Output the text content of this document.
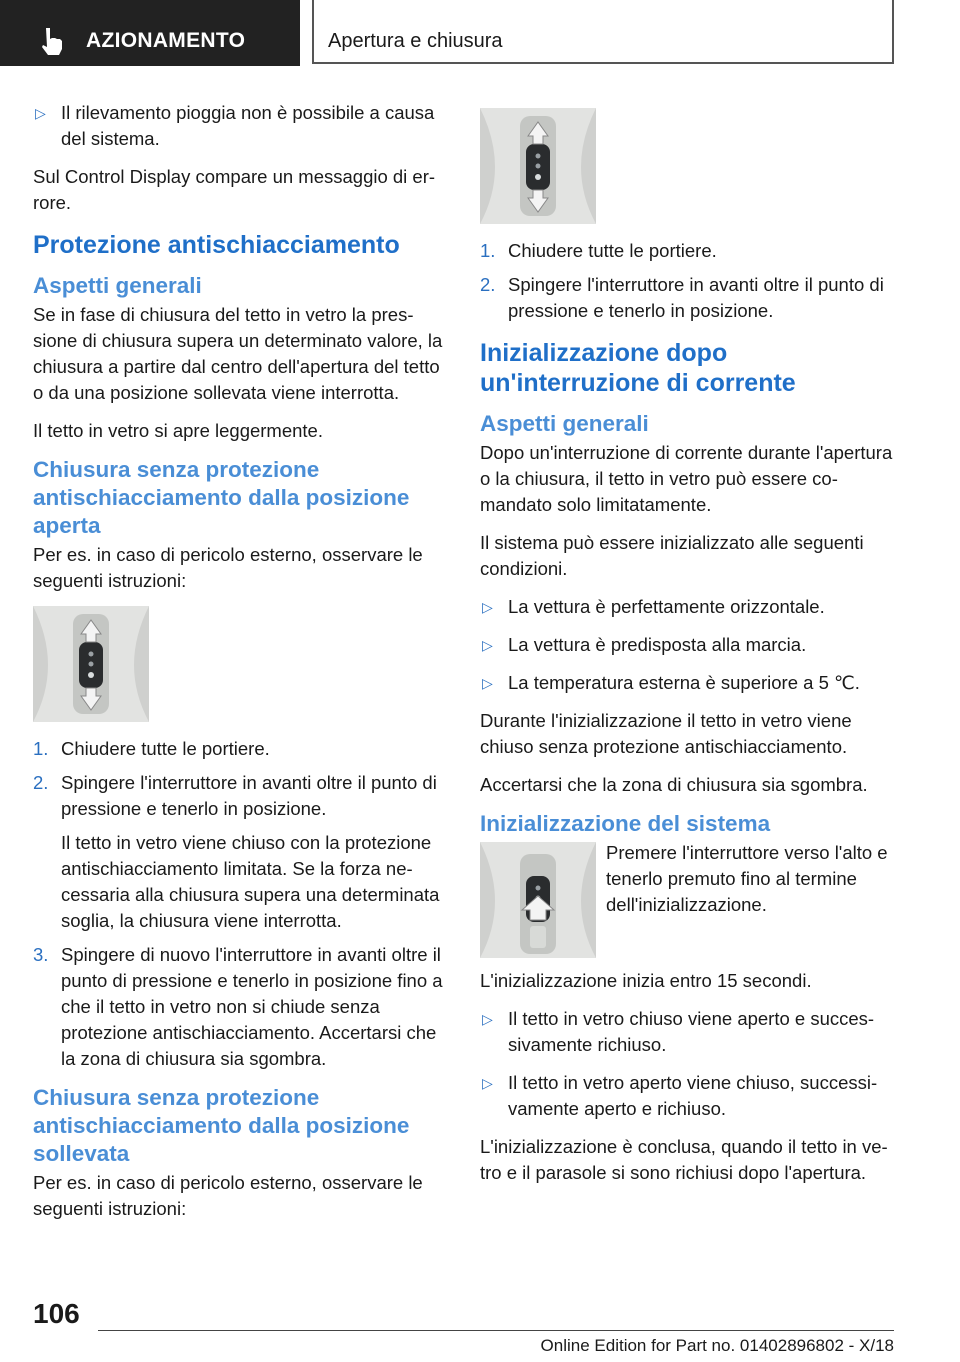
AZIONAMENTO	Apertura e chiusura
▷ Il rilevamento pioggia non è possibile a causa del sistema.

Sul Control Display compare un messaggio di errore.

Protezione antischiacciamento
Aspetti generali

Se in fase di chiusura del tetto in vetro la pressione di chiusura supera un determinato valore, la chiusura a partire dal centro dell'apertura del tetto o da una posizione sollevata viene interrotta.

Il tetto in vetro si apre leggermente.

Chiusura senza protezione antischiacciamento dalla posizione aperta

Per es. in caso di pericolo esterno, osservare le seguenti istruzioni:

1. Chiudere tutte le portiere.
2. Spingere l'interruttore in avanti oltre il punto di pressione e tenerlo in posizione.
Il tetto in vetro viene chiuso con la protezione antischiacciamento limitata. Se la forza necessaria alla chiusura supera una determinata soglia, la chiusura viene interrotta.
3. Spingere di nuovo l'interruttore in avanti oltre il punto di pressione e tenerlo in posizione fino a che il tetto in vetro non si chiude senza protezione antischiacciamento. Accertarsi che la zona di chiusura sia sgombra.
Chiusura senza protezione antischiacciamento dalla posizione sollevata

Per es. in caso di pericolo esterno, osservare le seguenti istruzioni:

1. Chiudere tutte le portiere.
2. Spingere l'interruttore in avanti oltre il punto di pressione e tenerlo in posizione.
Inizializzazione dopo un'interruzione di corrente
Aspetti generali

Dopo un'interruzione di corrente durante l'apertura o la chiusura, il tetto in vetro può essere comandato solo limitatamente.

Il sistema può essere inizializzato alle seguenti condizioni.

▷ La vettura è perfettamente orizzontale.
▷ La vettura è predisposta alla marcia.
▷ La temperatura esterna è superiore a 5 ℃.

Durante l'inizializzazione il tetto in vetro viene chiuso senza protezione antischiacciamento.

Accertarsi che la zona di chiusura sia sgombra.

Inizializzazione del sistema

Premere l'interruttore verso l'alto e tenerlo premuto fino al termine dell'inizializzazione.

L'inizializzazione inizia entro 15 secondi.

▷ Il tetto in vetro chiuso viene aperto e successivamente richiuso.
▷ Il tetto in vetro aperto viene chiuso, successivamente aperto e richiuso.

L'inizializzazione è conclusa, quando il tetto in vetro e il parasole si sono richiusi dopo l'apertura.

106
Online Edition for Part no. 01402896802 - X/18
